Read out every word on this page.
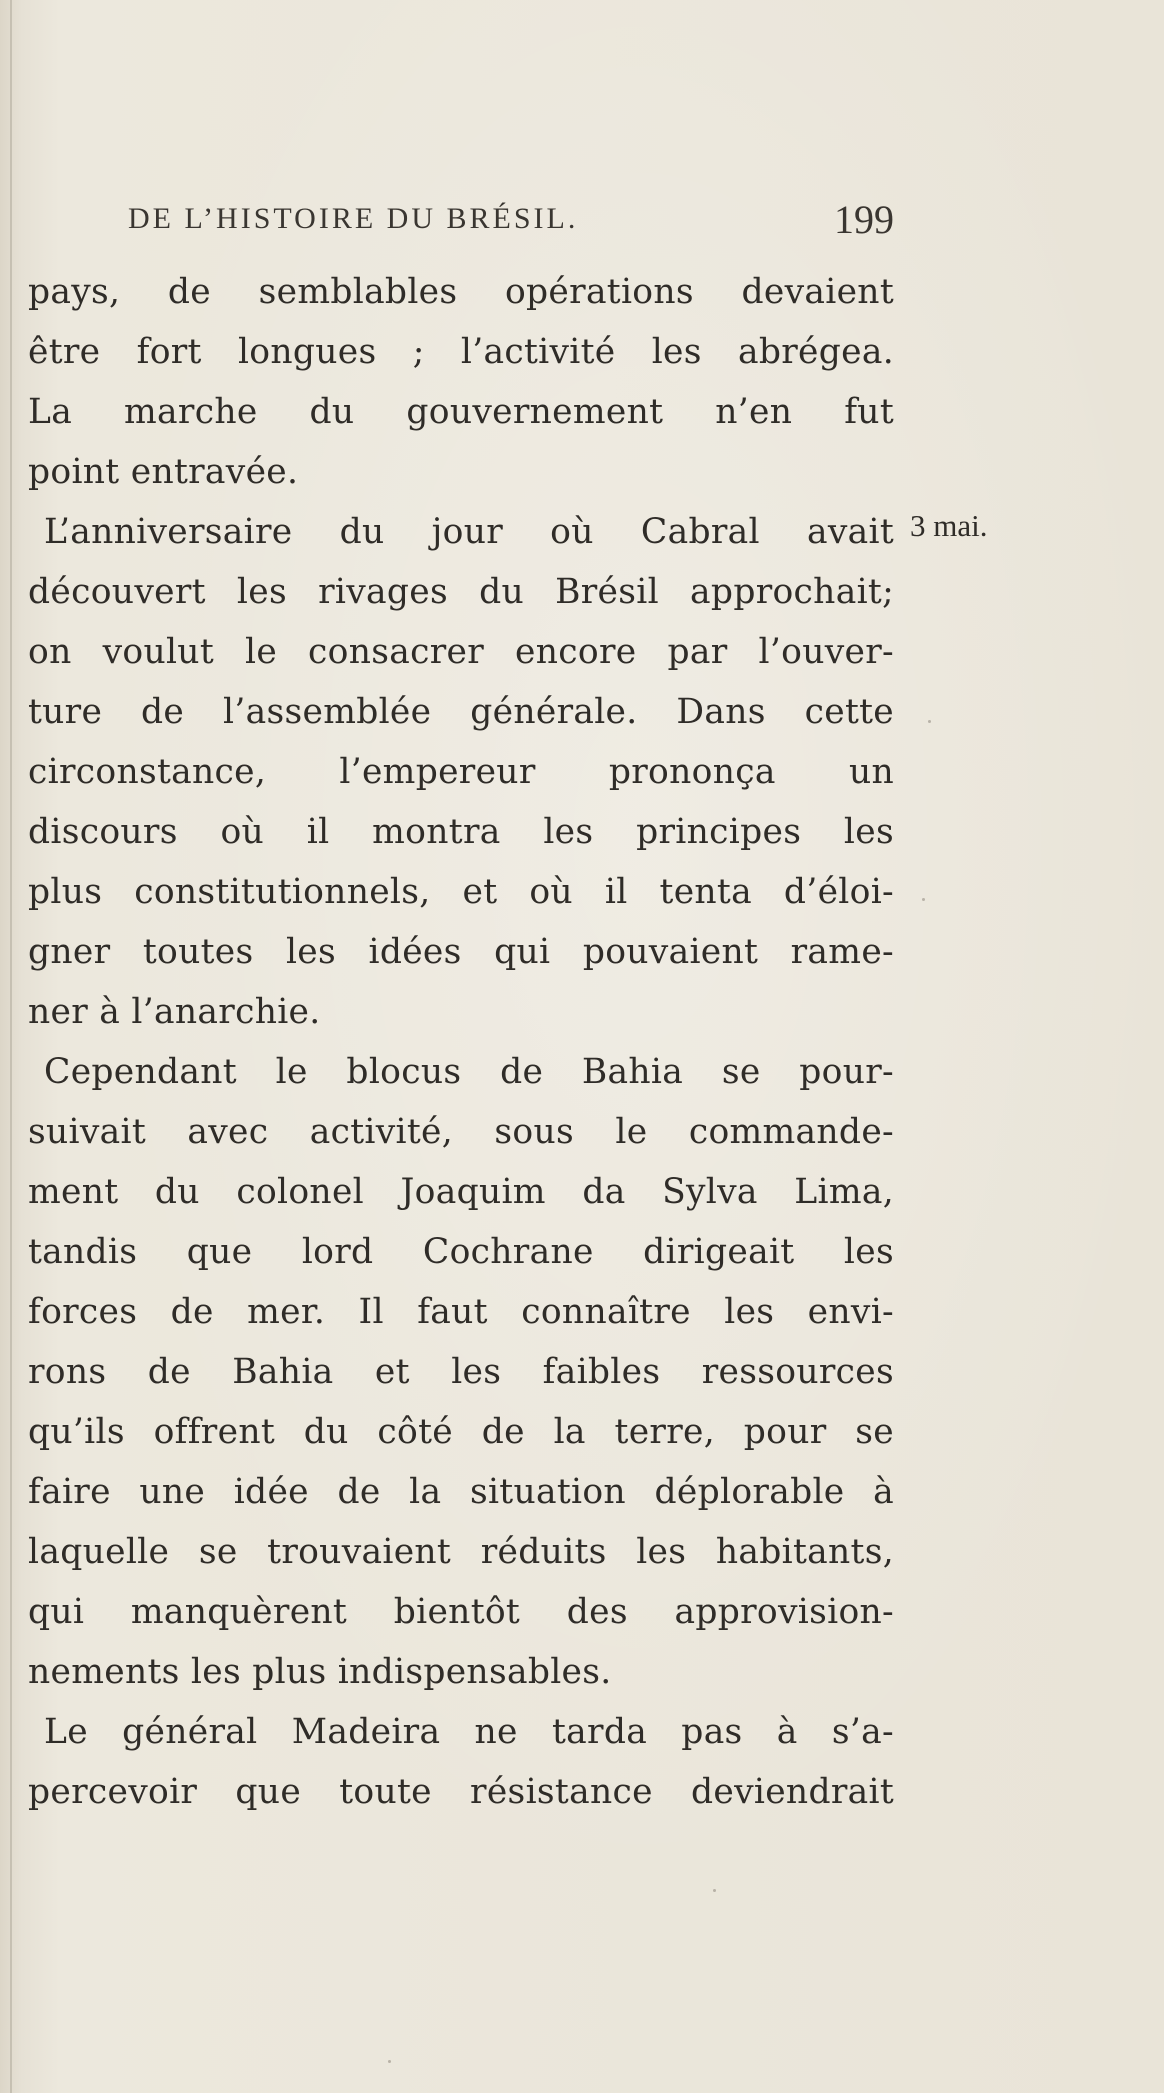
DE L’HISTOIRE DU BRÉSIL.	199
3 mai.
pays, de semblables opérations devaient
être fort longues ; l’activité les abrégea.
La marche du gouvernement n’en fut
point entravée.
L’anniversaire du jour où Cabral avait
découvert les rivages du Brésil approchait;
on voulut le consacrer encore par l’ouver-
ture de l’assemblée générale. Dans cette
circonstance, l’empereur prononça un
discours où il montra les principes les
plus constitutionnels, et où il tenta d’éloi-
gner toutes les idées qui pouvaient rame-
ner à l’anarchie.
Cependant le blocus de Bahia se pour-
suivait avec activité, sous le commande-
ment du colonel Joaquim da Sylva Lima,
tandis que lord Cochrane dirigeait les
forces de mer. Il faut connaître les envi-
rons de Bahia et les faibles ressources
qu’ils offrent du côté de la terre, pour se
faire une idée de la situation déplorable à
laquelle se trouvaient réduits les habitants,
qui manquèrent bientôt des approvision-
nements les plus indispensables.
Le général Madeira ne tarda pas à s’a-
percevoir que toute résistance deviendrait
